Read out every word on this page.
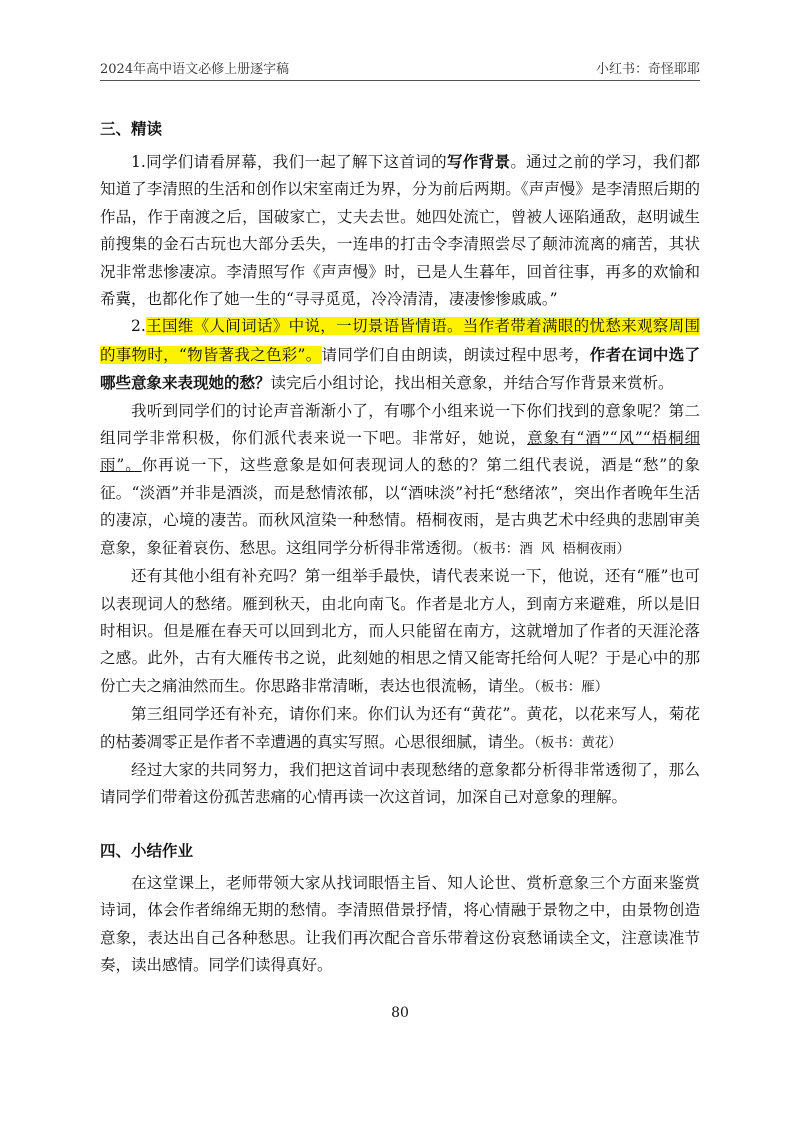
2024年高中语文必修上册逐字稿	小红书：奇怪耶耶
三、精读

1.同学们请看屏幕，我们一起了解下这首词的写作背景。通过之前的学习，我们都知道了李清照的生活和创作以宋室南迁为界，分为前后两期。《声声慢》是李清照后期的作品，作于南渡之后，国破家亡，丈夫去世。她四处流亡，曾被人诬陷通敌，赵明诚生前搜集的金石古玩也大部分丢失，一连串的打击令李清照尝尽了颠沛流离的痛苦，其状况非常悲惨凄凉。李清照写作《声声慢》时，已是人生暮年，回首往事，再多的欢愉和希冀，也都化作了她一生的“寻寻觅觅，冷冷清清，凄凄惨惨戚戚。”

2.王国维《人间词话》中说，一切景语皆情语。当作者带着满眼的忧愁来观察周围的事物时，“物皆著我之色彩”。请同学们自由朗读，朗读过程中思考，作者在词中选了哪些意象来表现她的愁？读完后小组讨论，找出相关意象，并结合写作背景来赏析。

我听到同学们的讨论声音渐渐小了，有哪个小组来说一下你们找到的意象呢？第二组同学非常积极，你们派代表来说一下吧。非常好，她说，意象有“酒”“风”“梧桐细雨”。你再说一下，这些意象是如何表现词人的愁的？第二组代表说，酒是“愁”的象征。“淡酒”并非是酒淡，而是愁情浓郁，以“酒味淡”衬托“愁绪浓”，突出作者晚年生活的凄凉，心境的凄苦。而秋风渲染一种愁情。梧桐夜雨，是古典艺术中经典的悲剧审美意象，象征着哀伤、愁思。这组同学分析得非常透彻。（板书：酒 风 梧桐夜雨）

还有其他小组有补充吗？第一组举手最快，请代表来说一下，他说，还有“雁”也可以表现词人的愁绪。雁到秋天，由北向南飞。作者是北方人，到南方来避难，所以是旧时相识。但是雁在春天可以回到北方，而人只能留在南方，这就增加了作者的天涯沦落之感。此外，古有大雁传书之说，此刻她的相思之情又能寄托给何人呢？于是心中的那份亡夫之痛油然而生。你思路非常清晰，表达也很流畅，请坐。（板书：雁）

第三组同学还有补充，请你们来。你们认为还有“黄花”。黄花，以花来写人，菊花的枯萎凋零正是作者不幸遭遇的真实写照。心思很细腻，请坐。（板书：黄花）

经过大家的共同努力，我们把这首词中表现愁绪的意象都分析得非常透彻了，那么请同学们带着这份孤苦悲痛的心情再读一次这首词，加深自己对意象的理解。

四、小结作业

在这堂课上，老师带领大家从找词眼悟主旨、知人论世、赏析意象三个方面来鉴赏诗词，体会作者绵绵无期的愁情。李清照借景抒情，将心情融于景物之中，由景物创造意象，表达出自己各种愁思。让我们再次配合音乐带着这份哀愁诵读全文，注意读准节奏，读出感情。同学们读得真好。

80
